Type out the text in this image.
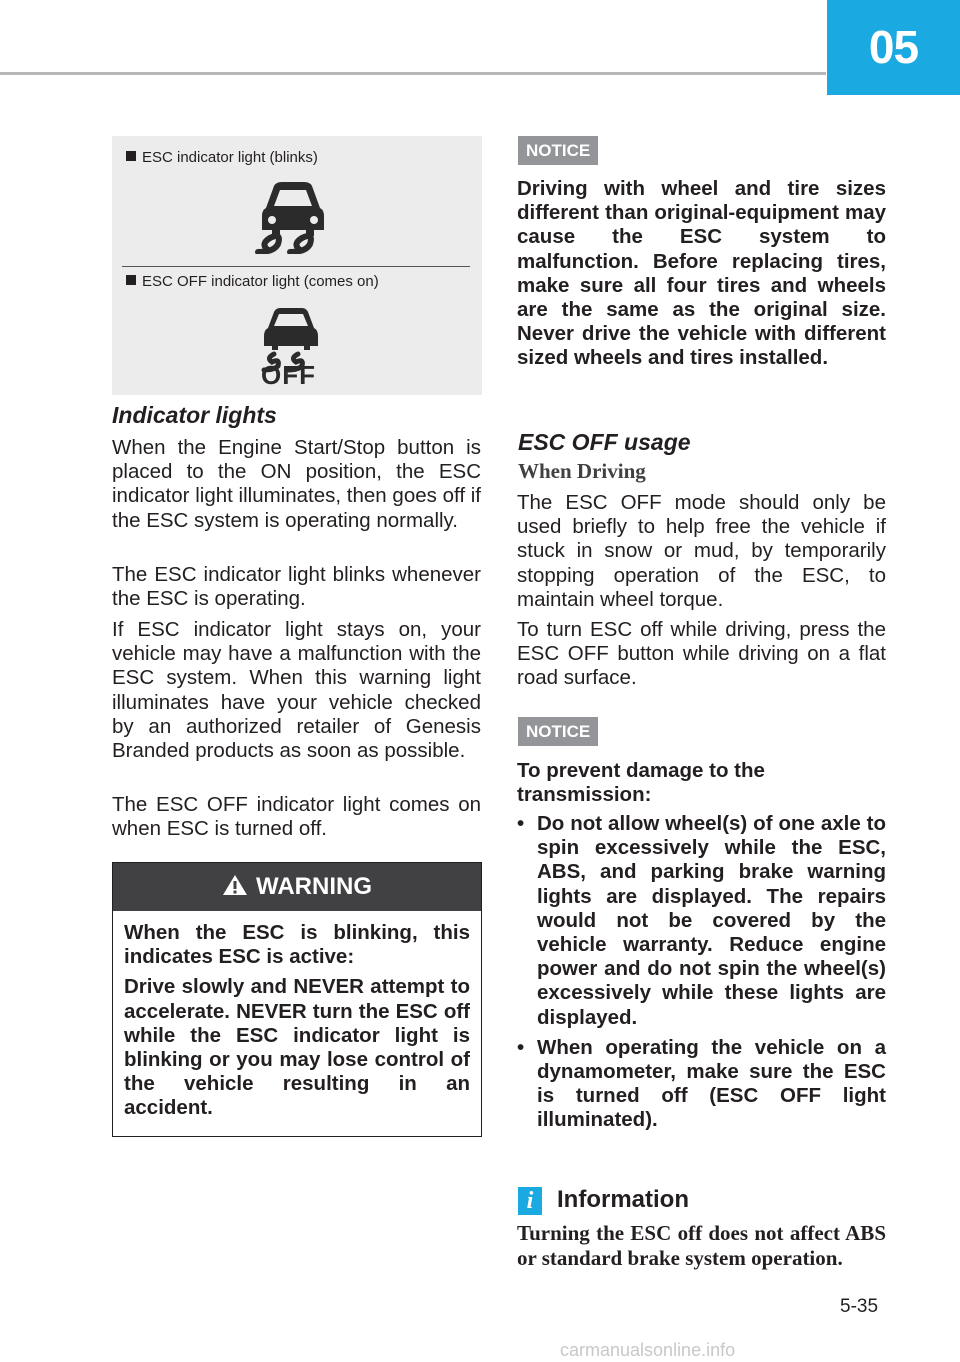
05
5-35
carmanualsonline.info
ESC indicator light (blinks)
ESC OFF indicator light (comes on)
OFF
Indicator lights

When the Engine Start/Stop button is placed to the ON position, the ESC indicator light illuminates, then goes off if the ESC system is operating normally.

The ESC indicator light blinks whenever the ESC is operating.

If ESC indicator light stays on, your vehicle may have a malfunction with the ESC system. When this warning light illuminates have your vehicle checked by an authorized retailer of Genesis Branded products as soon as possible.

The ESC OFF indicator light comes on when ESC is turned off.

WARNING

When the ESC is blinking, this indicates ESC is active:

Drive slowly and NEVER attempt to accelerate. NEVER turn the ESC off while the ESC indicator light is blinking or you may lose control of the vehicle resulting in an accident.

NOTICE

Driving with wheel and tire sizes different than original-equipment may cause the ESC system to malfunction. Before replacing tires, make sure all four tires and wheels are the same as the original size. Never drive the vehicle with different sized wheels and tires installed.

ESC OFF usage
When Driving

The ESC OFF mode should only be used briefly to help free the vehicle if stuck in snow or mud, by temporarily stopping operation of the ESC, to maintain wheel torque.

To turn ESC off while driving, press the ESC OFF button while driving on a flat road surface.

NOTICE

To prevent damage to the transmission:

• Do not allow wheel(s) of one axle to spin excessively while the ESC, ABS, and parking brake warning lights are displayed. The repairs would not be covered by the vehicle warranty. Reduce engine power and do not spin the wheel(s) excessively while these lights are displayed.
• When operating the vehicle on a dynamometer, make sure the ESC is turned off (ESC OFF light illuminated).
i Information
Turning the ESC off does not affect ABS or standard brake system operation.
